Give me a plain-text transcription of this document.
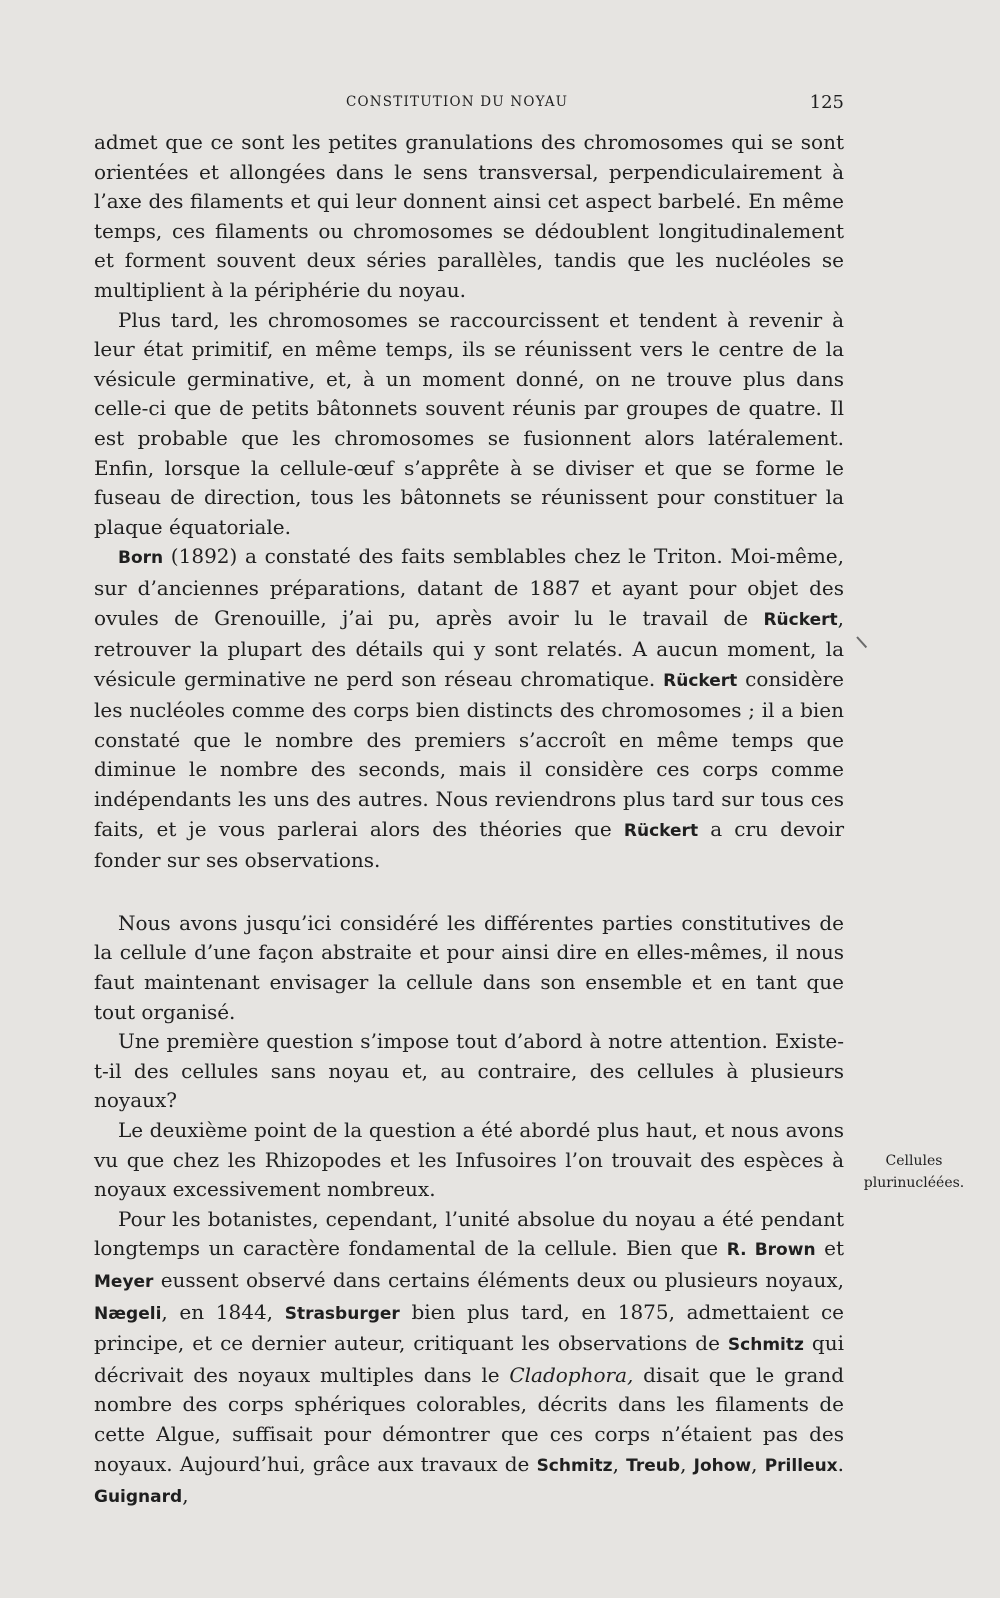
CONSTITUTION DU NOYAU	125

admet que ce sont les petites granulations des chromosomes qui se sont orientées et allongées dans le sens transversal, perpendiculairement à l’axe des filaments et qui leur donnent ainsi cet aspect barbelé. En même temps, ces filaments ou chromosomes se dédoublent longitudinalement et forment souvent deux séries parallèles, tandis que les nucléoles se multiplient à la périphérie du noyau.

Plus tard, les chromosomes se raccourcissent et tendent à revenir à leur état primitif, en même temps, ils se réunissent vers le centre de la vésicule germinative, et, à un moment donné, on ne trouve plus dans celle-ci que de petits bâtonnets souvent réunis par groupes de quatre. Il est probable que les chromosomes se fusionnent alors latéralement. Enfin, lorsque la cellule-œuf s’apprête à se diviser et que se forme le fuseau de direction, tous les bâtonnets se réunissent pour constituer la plaque équatoriale.

Born (1892) a constaté des faits semblables chez le Triton. Moi-même, sur d’anciennes préparations, datant de 1887 et ayant pour objet des ovules de Grenouille, j’ai pu, après avoir lu le travail de Rückert, retrouver la plupart des détails qui y sont relatés. A aucun moment, la vésicule germinative ne perd son réseau chromatique. Rückert considère les nucléoles comme des corps bien distincts des chromosomes ; il a bien constaté que le nombre des premiers s’accroît en même temps que diminue le nombre des seconds, mais il considère ces corps comme indépendants les uns des autres. Nous reviendrons plus tard sur tous ces faits, et je vous parlerai alors des théories que Rückert a cru devoir fonder sur ses observations.

Nous avons jusqu’ici considéré les différentes parties constitutives de la cellule d’une façon abstraite et pour ainsi dire en elles-mêmes, il nous faut maintenant envisager la cellule dans son ensemble et en tant que tout organisé.

Une première question s’impose tout d’abord à notre attention. Existe-t-il des cellules sans noyau et, au contraire, des cellules à plusieurs noyaux?

Le deuxième point de la question a été abordé plus haut, et nous avons vu que chez les Rhizopodes et les Infusoires l’on trouvait des espèces à noyaux excessivement nombreux.

Pour les botanistes, cependant, l’unité absolue du noyau a été pendant longtemps un caractère fondamental de la cellule. Bien que R. Brown et Meyer eussent observé dans certains éléments deux ou plusieurs noyaux, Nægeli, en 1844, Strasburger bien plus tard, en 1875, admettaient ce principe, et ce dernier auteur, critiquant les observations de Schmitz qui décrivait des noyaux multiples dans le Cladophora, disait que le grand nombre des corps sphériques colorables, décrits dans les filaments de cette Algue, suffisait pour démontrer que ces corps n’étaient pas des noyaux. Aujourd’hui, grâce aux travaux de Schmitz, Treub, Johow, Prilleux. Guignard,

Cellules
plurinucléées.
